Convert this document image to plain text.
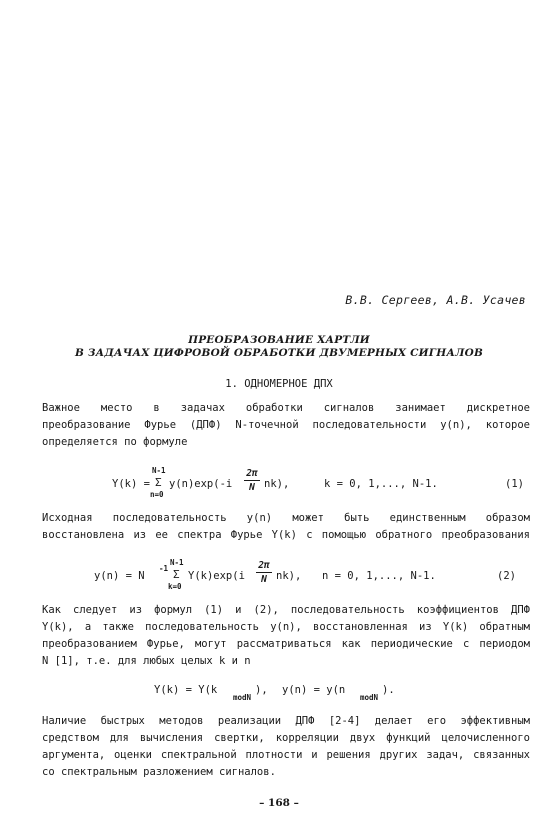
В.В. Сергеев, А.В. Усачев
ПРЕОБРАЗОВАНИЕ ХАРТЛИ
В ЗАДАЧАХ ЦИФРОВОЙ ОБРАБОТКИ ДВУМЕРНЫХ СИГНАЛОВ
1. ОДНОМЕРНОЕ ДПХ
Важное место в задачах обработки сигналов занимает дискретное
преобразование Фурье (ДПФ) N-точечной последовательности y(n), которое
определяется по формуле
Y(k) =
N-1
Σ
n=0
y(n)exp(-i
2π
N nk),	k = 0, 1,..., N-1.	(1)
Исходная последовательность y(n) может быть единственным образом
восстановлена из ее спектра Фурье Y(k) с помощью обратного преобразования
y(n) = N
-1
N-1
Σ
k=0
Y(k)exp(i
2π
N nk), n = 0, 1,..., N-1.	(2)
Как следует из формул (1) и (2), последовательность коэффициентов ДПФ
Y(k), а также последовательность y(n), восстановленная из Y(k) обратным
преобразованием Фурье, могут рассматриваться как периодические с периодом
N [1], т.е. для любых целых k и n
Y(k) = Y(k
modN
), y(n) = y(n
modN
).
Наличие быстрых методов реализации ДПФ [2-4] делает его эффективным
средством для вычисления свертки, корреляции двух функций целочисленного
аргумента, оценки спектральной плотности и решения других задач, связанных
со спектральным разложением сигналов.
– 168 –
